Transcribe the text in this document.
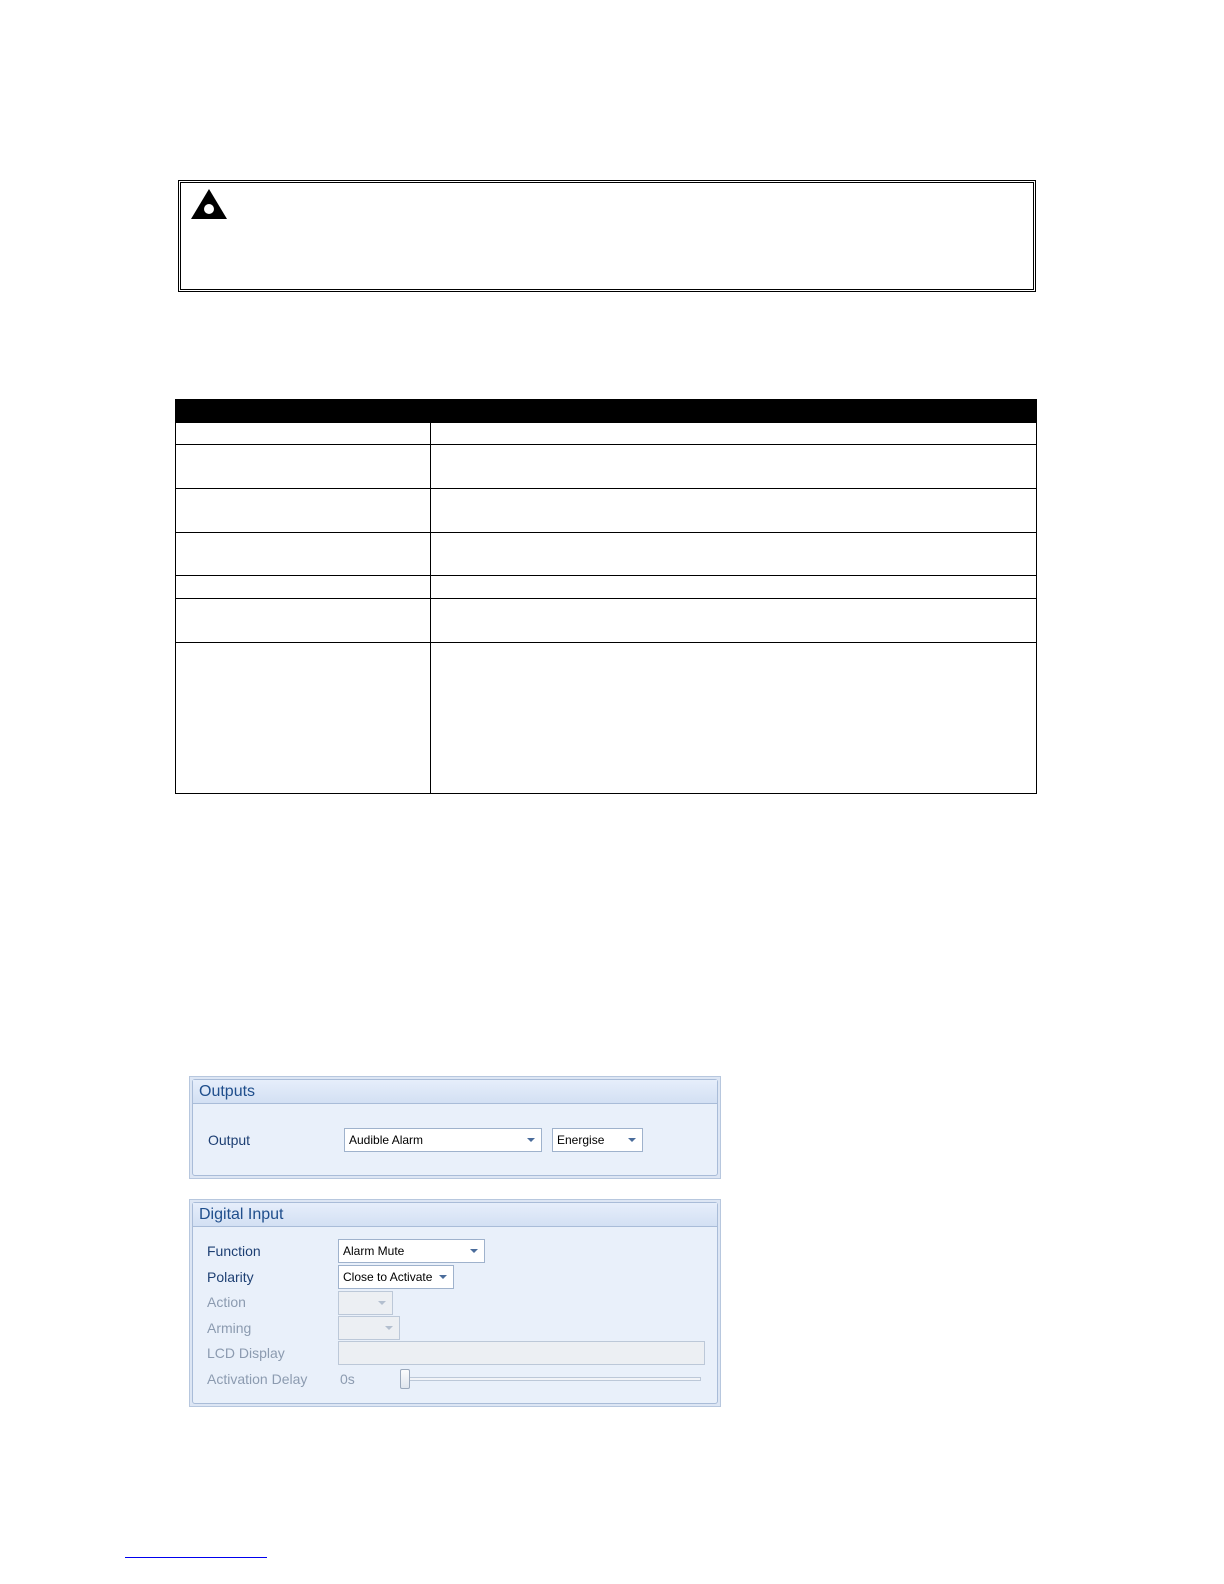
Outputs
Output	Audible Alarm	Energise
Digital Input
Function	Alarm Mute
Polarity	Close to Activate
Action
Arming
LCD Display
Activation Delay 0s
